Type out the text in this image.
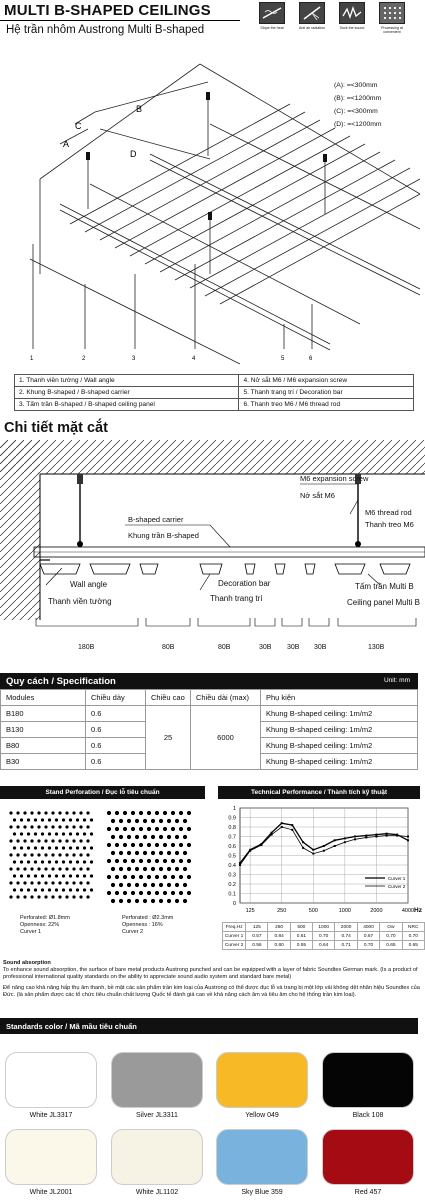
MULTI B-SHAPED CEILINGS
Hệ trần nhôm Austrong Multi B-shaped	Slope the heat	Anti air radiation	Suck the sound	Processing at convenient
A
B
C
D
1	2	3	4	5	6
(A): =<300mm
(B): =<1200mm
(C): =<300mm
(D): =<1200mm
1. Thanh viền tường / Wall angle	4. Nở sắt M6 / M6 expansion screw
2. Khung B-shaped / B-shaped carrier	5. Thanh trang trí / Decoration bar
3. Tấm trần B-shaped / B-shaped ceiling panel	6. Thanh treo M6 / M6 thread rod
Chi tiết mặt cắt
M6 expansion screw
Nở sắt M6
M6 thread rod
Thanh treo M6
B-shaped carrier
Khung trần B-shaped
Wall angle
Thanh viền tường
Decoration bar
Thanh trang trí
Tấm trần Multi B
Ceiling panel Multi B
180B	80B	80B	30B 30B 30B	130B
Quy cách / Specification	Unit: mm
Modules	Chiều dày	Chiều cao	Chiều dài (max)	Phụ kiện
B180	0.6	25	6000	Khung B-shaped ceiling: 1m/m2
B130	0.6			Khung B-shaped ceiling: 1m/m2
B80	0.6			Khung B-shaped ceiling: 1m/m2
B30	0.6			Khung B-shaped ceiling: 1m/m2
Stand Perforation / Đục lỗ tiêu chuẩn
Perforated: Ø1.8mm
Openness: 22%
Curver 1
Perforated : Ø2.3mm
Openness : 16%
Curver 2
Technical Performance / Thành tích kỹ thuật
0
0.1
0.2
0.3
0.4
0.5
0.6
0.7
0.8
0.9
1
125	250	500	1000	2000	4000 Hz
Curver 1
Curver 2
Freq.Hz	125	250	500	1000	2000	4000	Ow	NRC
Curver 1	0.57	0.84	0.61	0.70	0.74	0.67	0.70	0.70
Curver 2	0.56	0.80	0.55	0.64	0.71	0.70	0.65	0.65
Sound absorption
To enhance sound absorption, the surface of bare metal products Austrong punched and can be equipped with a layer of fabric Soundtex German mark. (Is a product of professional international quality standards on the ability to appreciate sound audio system and standard bare metal)
Để nâng cao khả năng hấp thụ âm thanh, bề mặt các sản phẩm trần kim loại của Austrong có thể được đục lỗ và trang bị một lớp vải không dệt nhãn hiệu Soundtex của Đức. (là sản phẩm được các tổ chức tiêu chuẩn chất lượng Quốc tế đánh giá cao về khả năng cách âm và tiêu âm cho hệ thống trần kim loại).
Standards color / Mã mầu tiêu chuẩn
White JL3317	Silver JL3311	Yellow 049	Black 108
White JL2001	White JL1102	Sky Blue 359	Red 457
